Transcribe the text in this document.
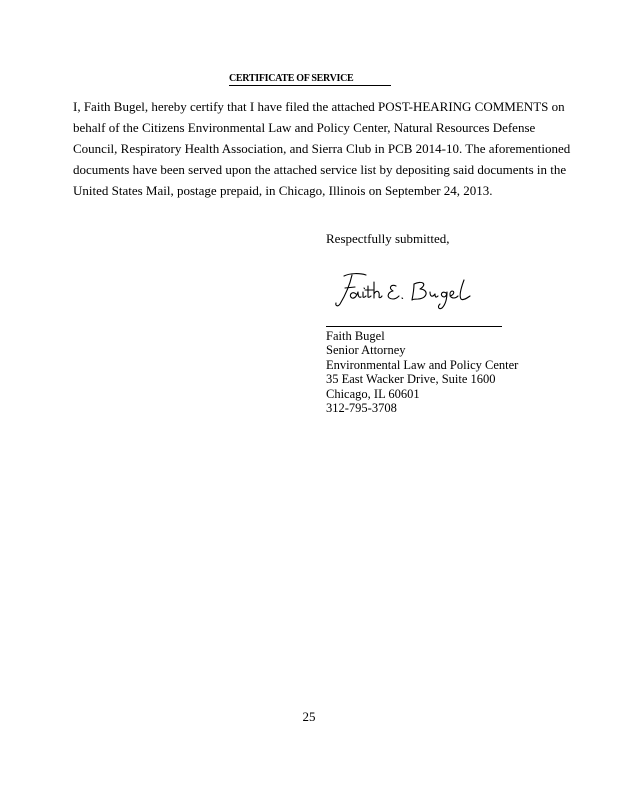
CERTIFICATE OF SERVICE

I, Faith Bugel, hereby certify that I have filed the attached POST-HEARING COMMENTS on
behalf of the Citizens Environmental Law and Policy Center, Natural Resources Defense
Council, Respiratory Health Association, and Sierra Club in PCB 2014-10. The aforementioned
documents have been served upon the attached service list by depositing said documents in the
United States Mail, postage prepaid, in Chicago, Illinois on September 24, 2013.

Respectfully submitted,
Faith Bugel
Senior Attorney
Environmental Law and Policy Center
35 East Wacker Drive, Suite 1600
Chicago, IL 60601
312-795-3708
25
